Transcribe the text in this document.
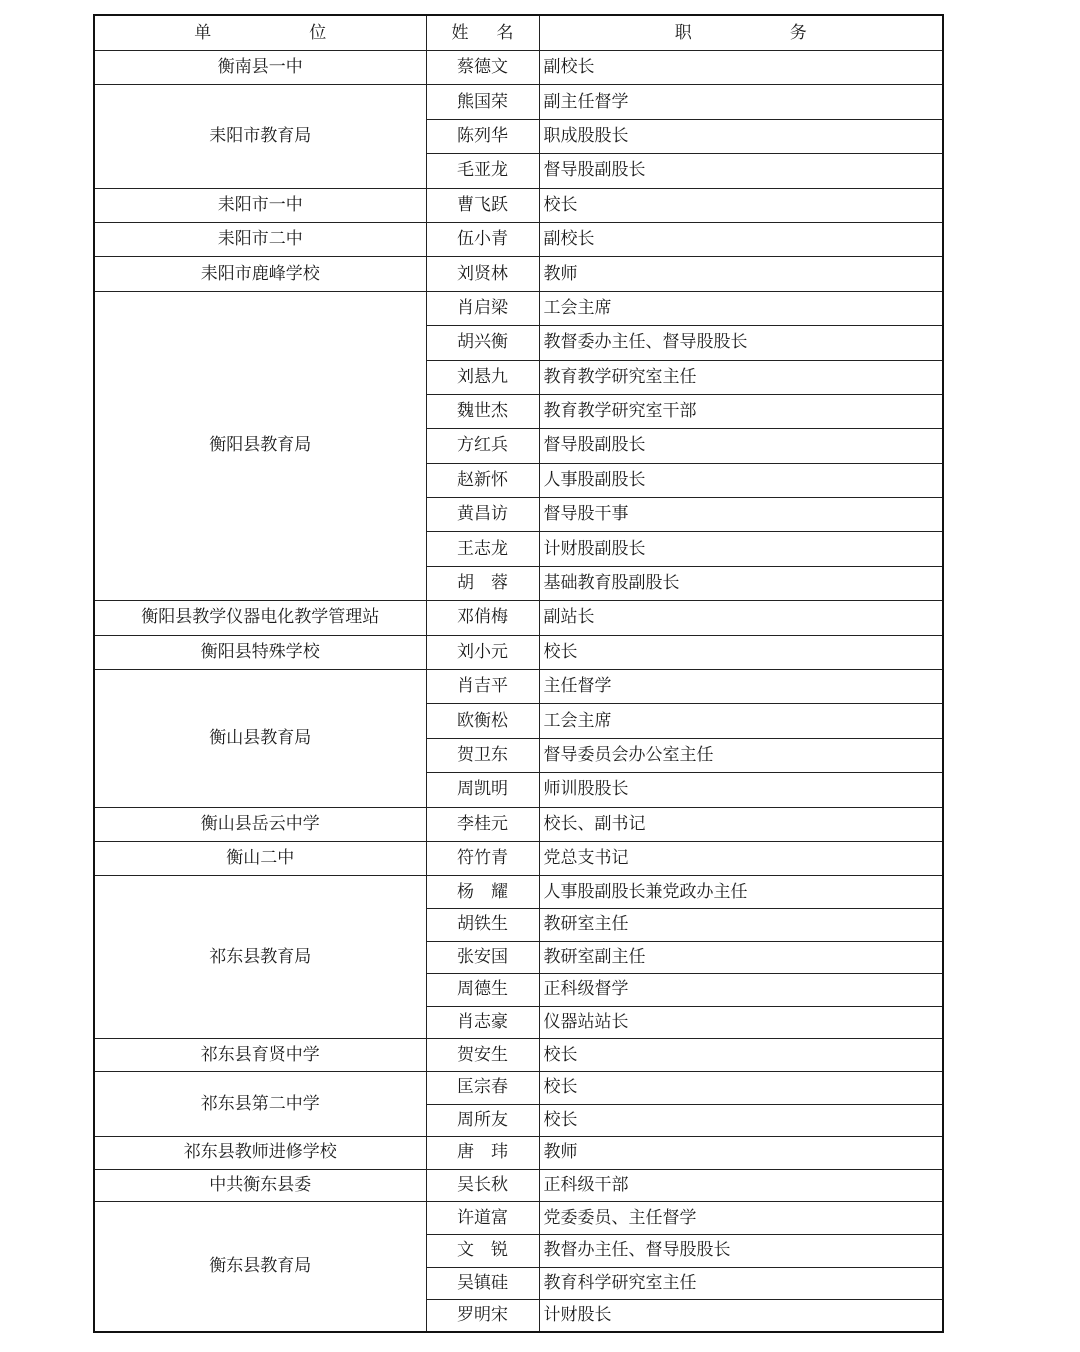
单 位	姓 名	职 务
衡南县一中	蔡德文	副校长
耒阳市教育局	熊国荣	副主任督学
	陈列华	职成股股长
	毛亚龙	督导股副股长
耒阳市一中	曹飞跃	校长
耒阳市二中	伍小青	副校长
耒阳市鹿峰学校	刘贤林	教师
衡阳县教育局	肖启梁	工会主席
	胡兴衡	教督委办主任、督导股股长
	刘悬九	教育教学研究室主任
	魏世杰	教育教学研究室干部
	方红兵	督导股副股长
	赵新怀	人事股副股长
	黄昌访	督导股干事
	王志龙	计财股副股长
	胡　蓉	基础教育股副股长
衡阳县教学仪器电化教学管理站	邓俏梅	副站长
衡阳县特殊学校	刘小元	校长
衡山县教育局	肖吉平	主任督学
	欧衡松	工会主席
	贺卫东	督导委员会办公室主任
	周凯明	师训股股长
衡山县岳云中学	李桂元	校长、副书记
衡山二中	符竹青	党总支书记
祁东县教育局	杨　耀	人事股副股长兼党政办主任
	胡铁生	教研室主任
	张安国	教研室副主任
	周德生	正科级督学
	肖志豪	仪器站站长
祁东县育贤中学	贺安生	校长
祁东县第二中学	匡宗春	校长
	周所友	校长
祁东县教师进修学校	唐　玮	教师
中共衡东县委	吴长秋	正科级干部
衡东县教育局	许道富	党委委员、主任督学
	文　锐	教督办主任、督导股股长
	吴镇硅	教育科学研究室主任
	罗明宋	计财股长
